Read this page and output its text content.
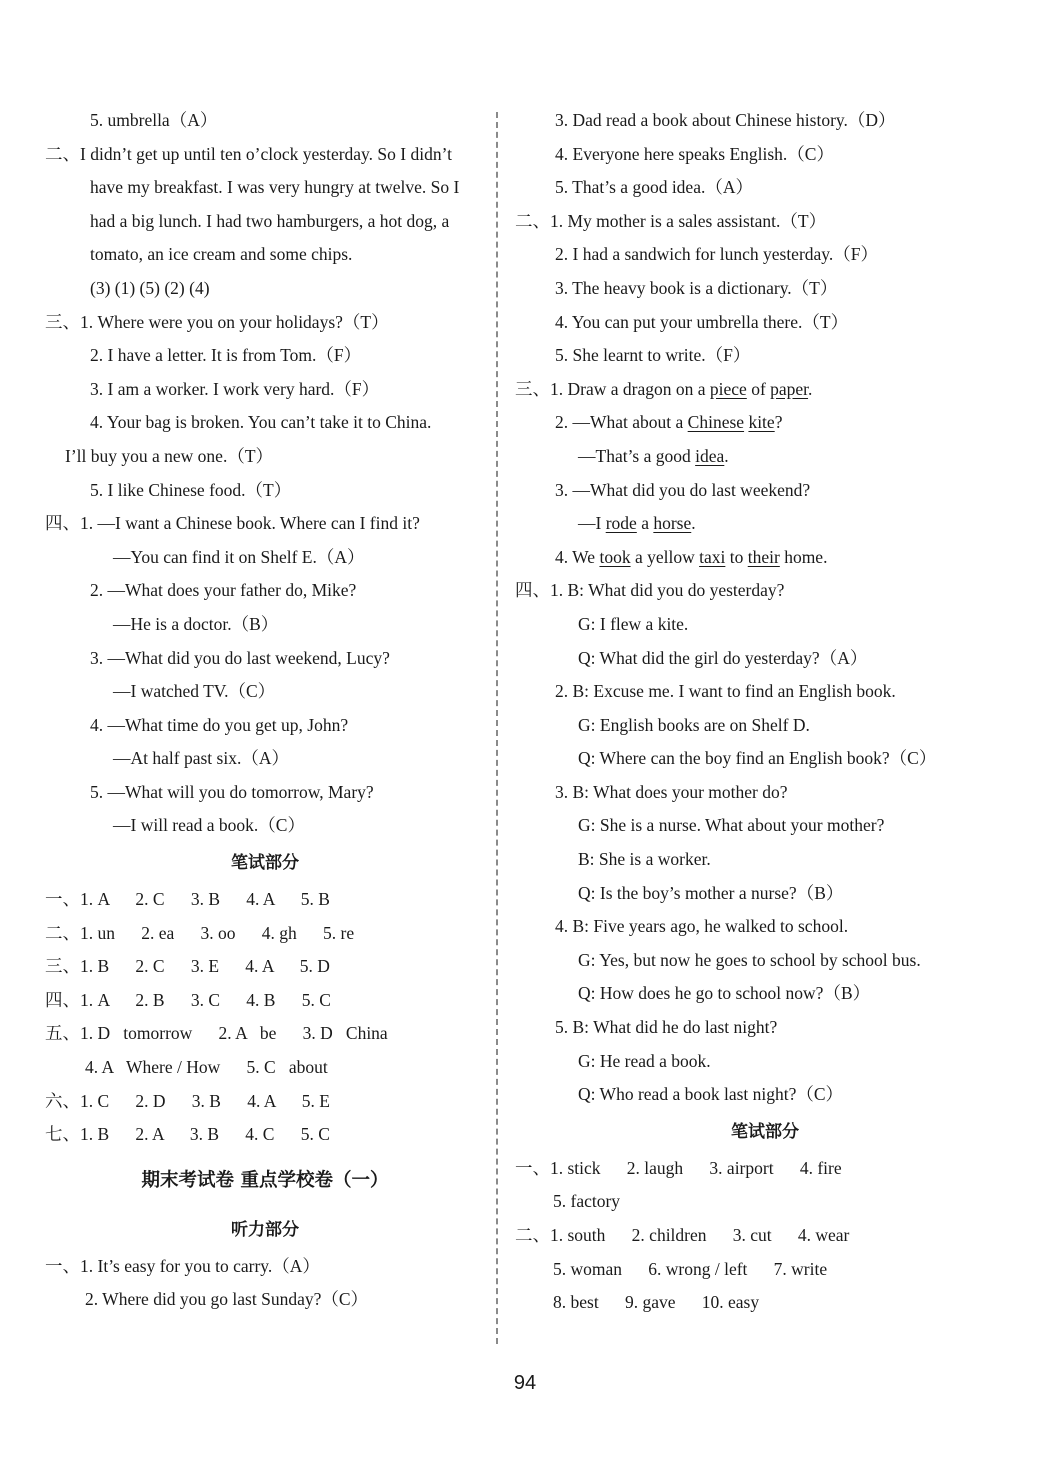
5. umbrella（A）
二、I didn’t get up until ten o’clock yesterday. So I didn’t
have my breakfast. I was very hungry at twelve. So I
had a big lunch. I had two hamburgers, a hot dog, a
tomato, an ice cream and some chips.
(3) (1) (5) (2) (4)
三、1. Where were you on your holidays?（T）
2. I have a letter. It is from Tom.（F）
3. I am a worker. I work very hard.（F）
4. Your bag is broken. You can’t take it to China.
I’ll buy you a new one.（T）
5. I like Chinese food.（T）
四、1. —I want a Chinese book. Where can I find it?
—You can find it on Shelf E.（A）
2. —What does your father do, Mike?
—He is a doctor.（B）
3. —What did you do last weekend, Lucy?
—I watched TV.（C）
4. —What time do you get up, John?
—At half past six.（A）
5. —What will you do tomorrow, Mary?
—I will read a book.（C）
笔试部分
一、1. A      2. C      3. B      4. A      5. B
二、1. un      2. ea      3. oo      4. gh      5. re
三、1. B      2. C      3. E      4. A      5. D
四、1. A      2. B      3. C      4. B      5. C
五、1. D   tomorrow      2. A   be      3. D   China
4. A   Where / How      5. C   about
六、1. C      2. D      3. B      4. A      5. E
七、1. B      2. A      3. B      4. C      5. C
期末考试卷 重点学校卷（一）
听力部分
一、1. It’s easy for you to carry.（A）
2. Where did you go last Sunday?（C）
3. Dad read a book about Chinese history.（D）
4. Everyone here speaks English.（C）
5. That’s a good idea.（A）
二、1. My mother is a sales assistant.（T）
2. I had a sandwich for lunch yesterday.（F）
3. The heavy book is a dictionary.（T）
4. You can put your umbrella there.（T）
5. She learnt to write.（F）
三、1. Draw a dragon on a piece of paper.
2. —What about a Chinese kite?
—That’s a good idea.
3. —What did you do last weekend?
—I rode a horse.
4. We took a yellow taxi to their home.
四、1. B: What did you do yesterday?
G: I flew a kite.
Q: What did the girl do yesterday?（A）
2. B: Excuse me. I want to find an English book.
G: English books are on Shelf D.
Q: Where can the boy find an English book?（C）
3. B: What does your mother do?
G: She is a nurse. What about your mother?
B: She is a worker.
Q: Is the boy’s mother a nurse?（B）
4. B: Five years ago, he walked to school.
G: Yes, but now he goes to school by school bus.
Q: How does he go to school now?（B）
5. B: What did he do last night?
G: He read a book.
Q: Who read a book last night?（C）
笔试部分
一、1. stick      2. laugh      3. airport      4. fire
5. factory
二、1. south      2. children      3. cut      4. wear
5. woman      6. wrong / left      7. write
8. best      9. gave      10. easy
94
